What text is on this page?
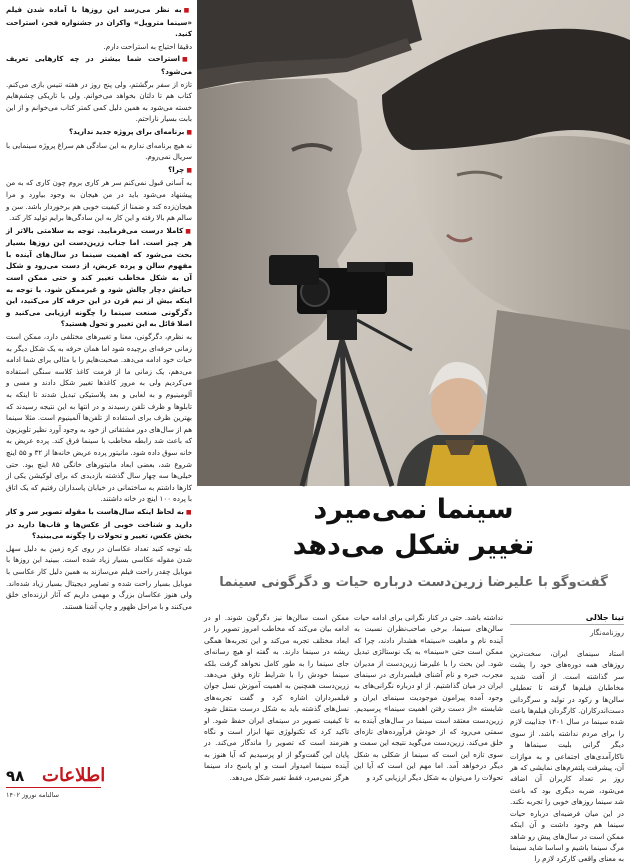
■ به نظر می‌رسد این روزها با آماده شدن فیلم «سینما متروپل» واکران در جشنواره فجر، استراحت کنید.

دقیقا احتیاج به استراحت دارم.

■ استراحت شما بیشتر در چه کارهایی تعریف می‌شود؟

تازه از سفر برگشتم، ولی پنج روز در هفته تنیس بازی می‌کنم. کتاب هم تا دلتان بخواهد می‌خوانم. ولی با تاریکی چشم‌هایم خسته می‌شود به همین دلیل کمی کمتر کتاب می‌خوانم و از این بابت بسیار ناراحتم.

■ برنامه‌ای برای پروژه جدید ندارید؟

نه هیچ برنامه‌ای ندارم به این سادگی هم سراغ پروژه سینمایی با سریال نمی‌روم.

■ چرا؟

به آسانی قبول نمی‌کنم سر هر کاری بروم چون کاری که به من پیشنهاد می‌شود باید در من هیجان به وجود بیاورد و مرا هیجان‌زده کند و ضمنا از کیفیت خوبی هم برخوردار باشد. سن و سالم هم بالا رفته و این کار به این سادگی‌ها برایم تولید کار کند.

■ کاملا درست می‌فرمایید. توجه به سلامتی بالاتر از هر چیز است. اما جناب زرین‌دست این روزها بسیار بحث می‌شود که اهمیت سینما در سال‌های آینده با مفهوم سالن و پرده عریض، از دست می‌رود و شکل آن به شکل مخاطب تغییر کند و حتی ممکن است حیاتش دچار چالش شود و غیرممکن شود. با توجه به اینکه بیش از نیم قرن در این حرفه کار می‌کنید، این دگرگونی صنعت سینما را چگونه ارزیابی می‌کنید و اصلا قائل به این تغییر و تحول هستید؟

به نظرم، دگرگونی، معنا و تغییرهای مختلفی دارد، ممکن است زمانی حرفه‌ای برچیده شود اما همان حرفه به یک شکل دیگر به حیات خود ادامه می‌دهد. صحبت‌هایم را با مثالی برای شما ادامه می‌دهم، یک زمانی ما از فرمت کاغذ کلاسه سنگی استفاده می‌کردیم ولی به مرور کاغذها تغییر شکل دادند و مسی و آلومینیوم و به لعابی و بعد پلاستیکی تبدیل شدند تا اینکه به تابلوها و ظرف تلفن رسیدند و در انتها به این نتیجه رسیدند که بهترین ظرف برای استفاده از تلفن‌ها آلمینیوم است. مثلا سینما هم از سال‌های دور مشتقاتی از خود به وجود آورد نظیر تلویزیون که باعث شد رابطه مخاطب با سینما فرق کند. پرده عریض به خانه سوق داده شود. مانیتور پرده عریض خانه‌ها از ۳۲ و ۵۵ اینچ شروع شد، بعضی ابعاد مانیتورهای خانگی ۸۵ اینچ بود. حتی خیلی‌ها سه چهار سال گذشته بازدیدی که برای لوکیشن یکی از کارها داشتم به ساختمانی در خیابان پاسداران رفتیم که یک اتاق با پرده ۱۰۰ اینچ در خانه داشتند.

■ به لحاظ اینکه سال‌هاست با مقوله تصویر سر و کار دارید و شناخت خوبی از عکس‌ها و قاب‌ها دارید در بخش عکس، تغییر و تحولات را چگونه می‌بینید؟

بله توجه کنید تعداد عکاسان در روی کره زمین به دلیل سهل شدن مقوله عکاسی بسیار زیاد شده است. ببینید این روزها با موبایل چقدر راحت فیلم می‌سازند به همین دلیل کار عکاسی با موبایل بسیار راحت شده و تصاویر دیجیتال بسیار زیاد شده‌اند. ولی هنوز عکاسان بزرگ و مهمی داریم که آثار ارزنده‌ای خلق می‌کنند و با مراحل ظهور و چاپ آشنا هستند.

سینما نمی‌میرد
تغییر شکل می‌دهد
گفت‌وگو با علیرضا زرین‌دست درباره حیات و دگرگونی سینما
تینا جلالی
روزنامه‌نگار
استاد سینمای ایران، سخت‌ترین روزهای همه دوره‌های خود را پشت سر گذاشته است. از آفت شدید مخاطبان فیلم‌ها گرفته تا تعطیلی سالن‌ها و رکود در تولید و سرگردانی دست‌اندرکاران. کارگردان فیلم‌ها باعث شده سینما در سال ۱۴۰۱ جذابیت لازم را برای مردم نداشته باشد. از سوی دیگر گرانی بلیت سینماها و ناکارآمدی‌های اجتماعی و به موازات آن، پیشرفت پلتفرم‌های نمایشی که هر روز بر تعداد کاربران آن اضافه می‌شود، ضربه دیگری بود که باعث شد سینما روزهای خوبی را تجربه نکند. در این میان فرضیه‌ای درباره حیات سینما هم وجود داشت و آن اینکه ممکن است در سال‌های پیش رو شاهد مرگ سینما باشیم و اساسا شاید سینما به معنای واقعی کارکرد لازم را
نداشته باشد. حتی در کنار نگرانی برای ادامه حیات سالن‌های سینما، برخی صاحب‌نظران نسبت به آینده نام و ماهیت «سینما» هشدار دادند، چرا که ممکن است حتی «سینما» به یک نوستالژی تبدیل شود. این بحث را با علیرضا زرین‌دست از مدیران مجرب، خبره و نام آشنای فیلمبرداری در سینمای ایران در میان گذاشتیم. از او درباره نگرانی‌های به وجود آمده پیرامون موجودیت سینمای ایران و شایسته «از دست رفتن اهمیت سینما» پرسیدیم. زرین‌دست معتقد است سینما در سال‌های آینده به سمتی می‌رود که از خودش فرآورده‌های تازه‌ای خلق می‌کند. زرین‌دست می‌گوید نتیجه این سمت و سوی تازه این است که سینما از شکلی به شکل دیگر درخواهد آمد. اما مهم این است که آیا این تحولات را می‌توان به شکل دیگر ارزیابی کرد و
ممکن است سالن‌ها نیز دگرگون شوند. او در ادامه بیان می‌کند که مخاطب امروز تصویر را در ابعاد مختلف تجربه می‌کند و این تجربه‌ها همگی ریشه در سینما دارند. به گفته او هیچ رسانه‌ای جای سینما را به طور کامل نخواهد گرفت بلکه سینما خودش را با شرایط تازه وفق می‌دهد. زرین‌دست همچنین به اهمیت آموزش نسل جوان فیلمبرداران اشاره کرد و گفت تجربه‌های نسل‌های گذشته باید به شکل درست منتقل شود تا کیفیت تصویر در سینمای ایران حفظ شود. او تاکید کرد که تکنولوژی تنها ابزار است و نگاه هنرمند است که تصویر را ماندگار می‌کند. در پایان این گفت‌وگو از او پرسیدیم که آیا هنوز به آینده سینما امیدوار است و او پاسخ داد سینما هرگز نمی‌میرد، فقط تغییر شکل می‌دهد.
۹۸ اطلاعات
سالنامه نوروز ۱۴۰۲
